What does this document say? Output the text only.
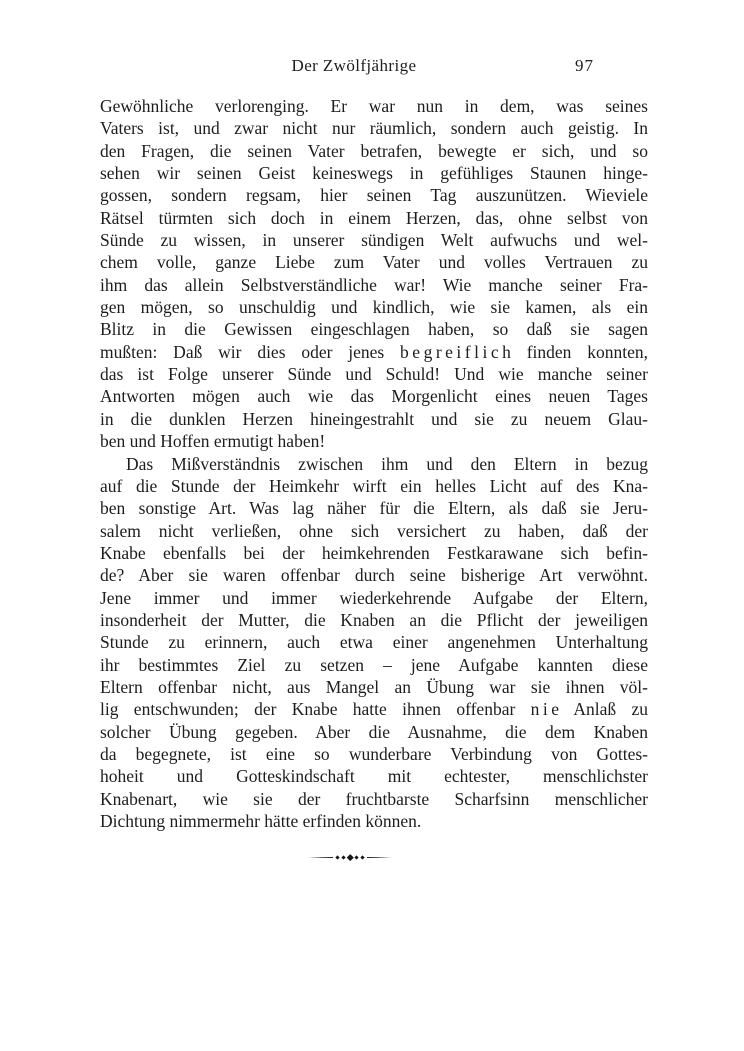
Der Zwölfjährige	97
Gewöhnliche verlorenging. Er war nun in dem, was seines
Vaters ist, und zwar nicht nur räumlich, sondern auch geistig. In
den Fragen, die seinen Vater betrafen, bewegte er sich, und so
sehen wir seinen Geist keineswegs in gefühliges Staunen hinge-
gossen, sondern regsam, hier seinen Tag auszunützen. Wieviele
Rätsel türmten sich doch in einem Herzen, das, ohne selbst von
Sünde zu wissen, in unserer sündigen Welt aufwuchs und wel-
chem volle, ganze Liebe zum Vater und volles Vertrauen zu
ihm das allein Selbstverständliche war! Wie manche seiner Fra-
gen mögen, so unschuldig und kindlich, wie sie kamen, als ein
Blitz in die Gewissen eingeschlagen haben, so daß sie sagen
mußten: Daß wir dies oder jenes b e g r e i f l i c h finden konnten,
das ist Folge unserer Sünde und Schuld! Und wie manche seiner
Antworten mögen auch wie das Morgenlicht eines neuen Tages
in die dunklen Herzen hineingestrahlt und sie zu neuem Glau-
ben und Hoffen ermutigt haben!
Das Mißverständnis zwischen ihm und den Eltern in bezug
auf die Stunde der Heimkehr wirft ein helles Licht auf des Kna-
ben sonstige Art. Was lag näher für die Eltern, als daß sie Jeru-
salem nicht verließen, ohne sich versichert zu haben, daß der
Knabe ebenfalls bei der heimkehrenden Festkarawane sich befin-
de? Aber sie waren offenbar durch seine bisherige Art verwöhnt.
Jene immer und immer wiederkehrende Aufgabe der Eltern,
insonderheit der Mutter, die Knaben an die Pflicht der jeweiligen
Stunde zu erinnern, auch etwa einer angenehmen Unterhaltung
ihr bestimmtes Ziel zu setzen – jene Aufgabe kannten diese
Eltern offenbar nicht, aus Mangel an Übung war sie ihnen völ-
lig entschwunden; der Knabe hatte ihnen offenbar n i e Anlaß zu
solcher Übung gegeben. Aber die Ausnahme, die dem Knaben
da begegnete, ist eine so wunderbare Verbindung von Gottes-
hoheit und Gotteskindschaft mit echtester, menschlichster
Knabenart, wie sie der fruchtbarste Scharfsinn menschlicher
Dichtung nimmermehr hätte erfinden können.
